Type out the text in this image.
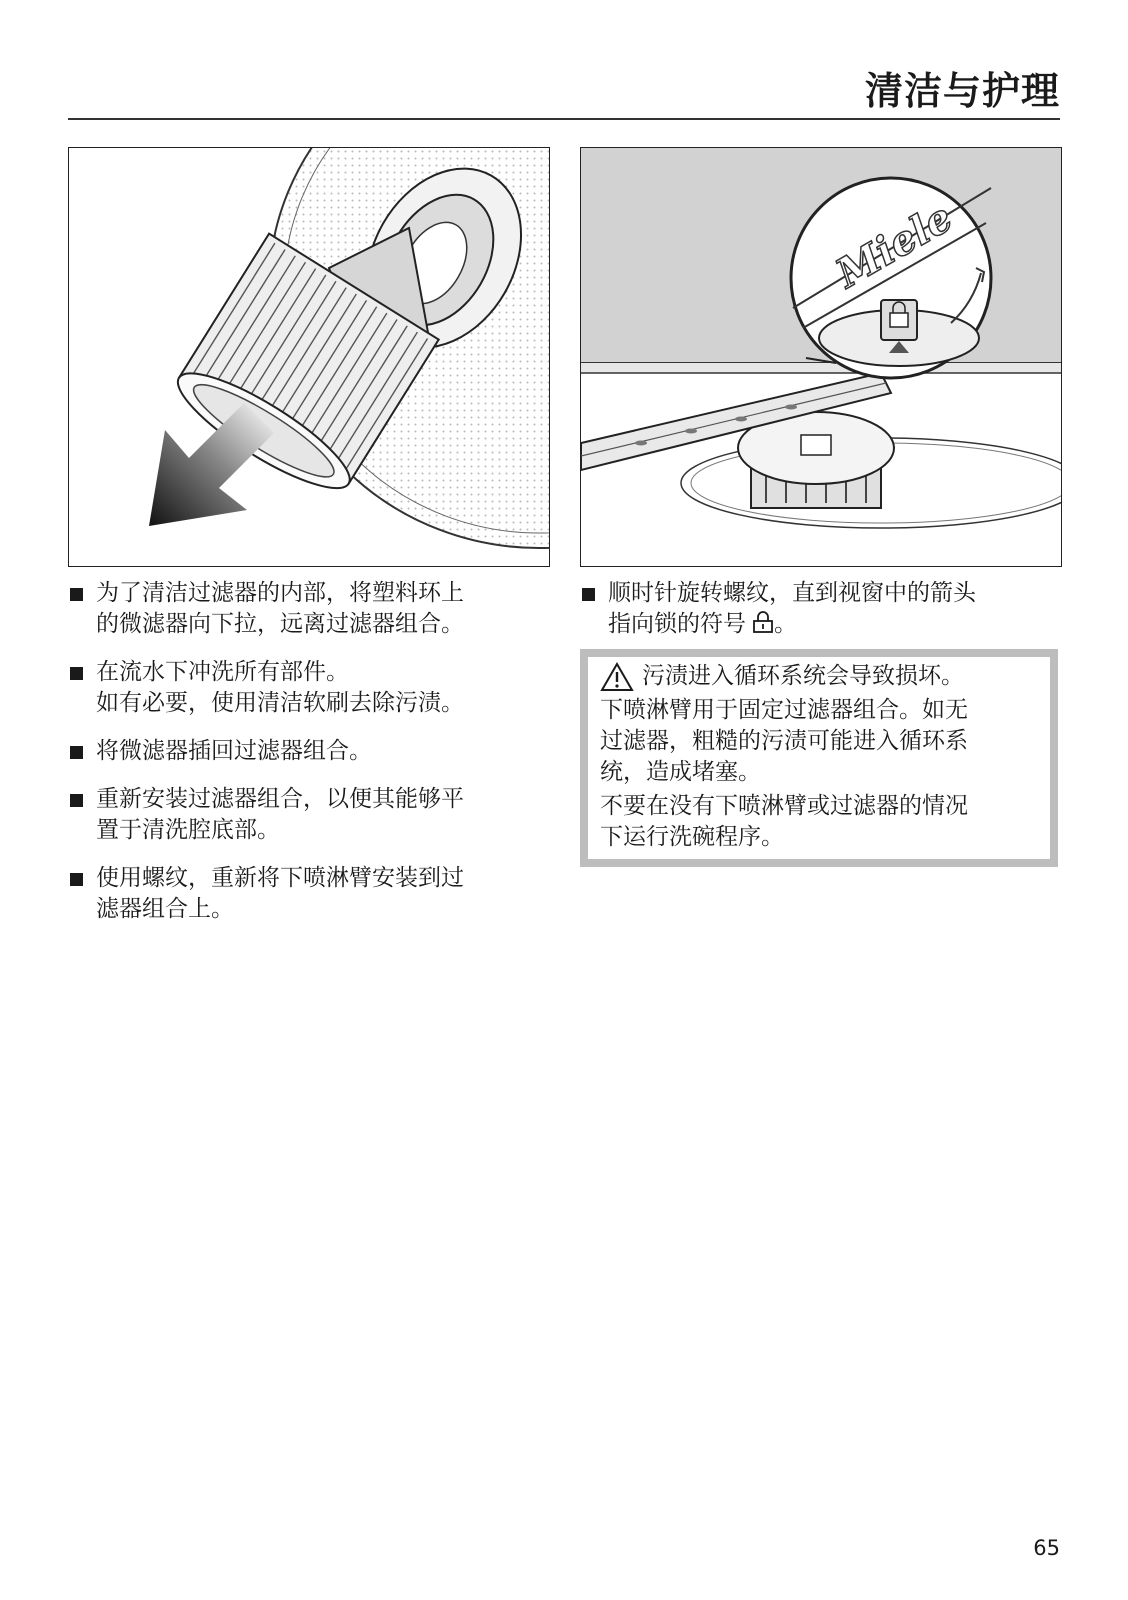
清洁与护理
Miele
为了清洁过滤器的内部，将塑料环上
的微滤器向下拉，远离过滤器组合。
在流水下冲洗所有部件。
如有必要，使用清洁软刷去除污渍。
将微滤器插回过滤器组合。
重新安装过滤器组合，以便其能够平
置于清洗腔底部。
使用螺纹，重新将下喷淋臂安装到过
滤器组合上。
顺时针旋转螺纹，直到视窗中的箭头
指向锁的符号 。
污渍进入循环系统会导致损坏。

下喷淋臂用于固定过滤器组合。如无
过滤器，粗糙的污渍可能进入循环系
统，造成堵塞。

不要在没有下喷淋臂或过滤器的情况
下运行洗碗程序。

65
